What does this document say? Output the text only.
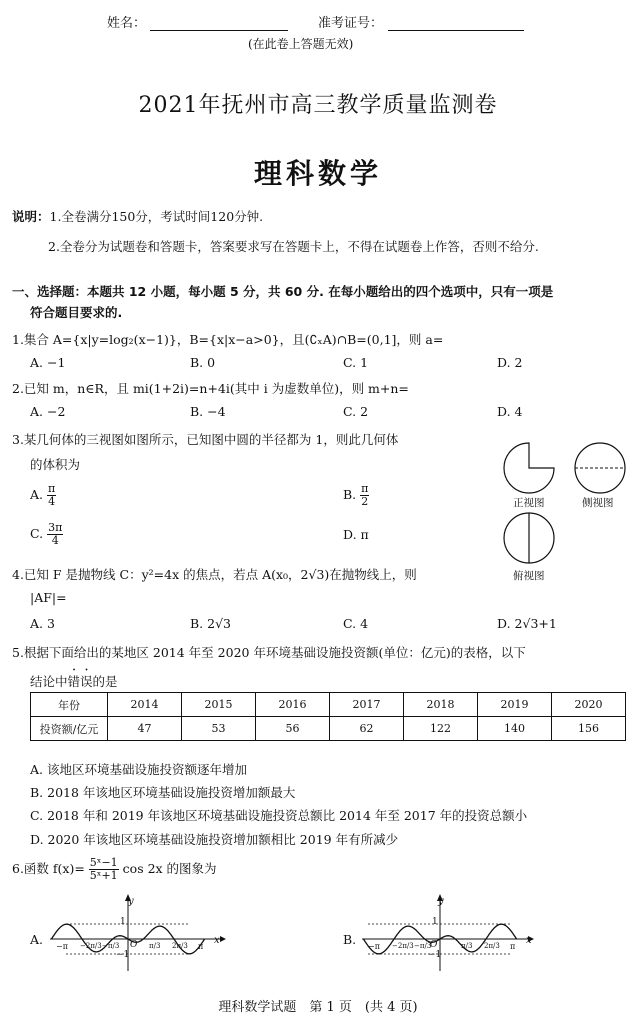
姓名：	准考证号：
(在此卷上答题无效)
2021年抚州市高三教学质量监测卷
理科数学
说明：1.全卷满分150分，考试时间120分钟.
2.全卷分为试题卷和答题卡，答案要求写在答题卡上，不得在试题卷上作答，否则不给分.
一、选择题：本题共 12 小题，每小题 5 分，共 60 分. 在每小题给出的四个选项中，只有一项是
符合题目要求的.
1.集合 A={x|y=log₂(x−1)}，B={x|x−a>0}，且(∁ₓA)∩B=(0,1]，则 a=
A. −1	B. 0	C. 1	D. 2
2.已知 m，n∈R，且 mi(1+2i)=n+4i(其中 i 为虚数单位)，则 m+n=
A. −2	B. −4	C. 2	D. 4
3.某几何体的三视图如图所示，已知图中圆的半径都为 1，则此几何体
的体积为
A. $\frac{\pi}{4}$	B. $\frac{\pi}{2}$
C. $\frac{3\pi}{4}$	D. π
正视图	侧视图
俯视图
4.已知 F 是抛物线 C：y²=4x 的焦点，若点 A(x₀，2√3)在抛物线上，则
|AF|=
A. 3	B. 2√3	C. 4	D. 2√3+1
5.根据下面给出的某地区 2014 年至 2020 年环境基础设施投资额(单位：亿元)的表格，以下
结论中错误的是
年份	2014	2015	2016	2017	2018	2019	2020
投资额/亿元	47	53	56	62	122	140	156
A. 该地区环境基础设施投资额逐年增加
B. 2018 年该地区环境基础设施投资增加额最大
C. 2018 年和 2019 年该地区环境基础设施投资总额比 2014 年至 2017 年的投资总额小
D. 2020 年该地区环境基础设施投资增加额相比 2019 年有所减少
6.函数 $f(x)= \frac{\text{5ˣ−1}}{\text{5ˣ+1}}$ cos 2x 的图象为
A.
y
x
1
−1
O
−π −2π/3 −π/3	π/3 2π/3 π	B.
y
x
1
−1
O
−π −2π/3 −π/3	π/3 2π/3 π
理科数学试题　第 1 页　(共 4 页)
